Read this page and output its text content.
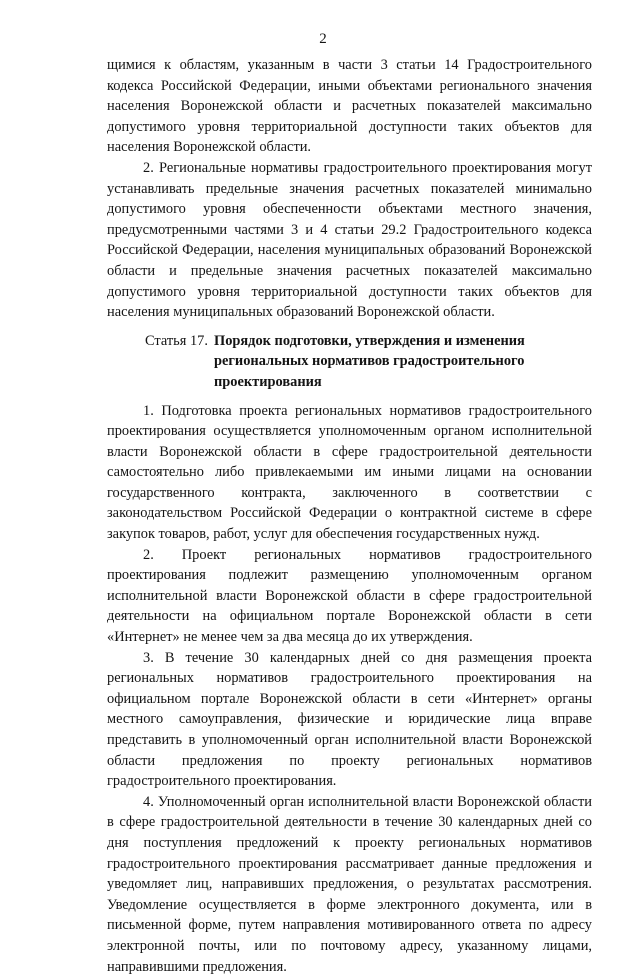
2

щимися к областям, указанным в части 3 статьи 14 Градостроительного кодекса Российской Федерации, иными объектами регионального значения населения Воронежской области и расчетных показателей максимально допустимого уровня территориальной доступности таких объектов для населения Воронежской области.

2. Региональные нормативы градостроительного проектирования могут устанавливать предельные значения расчетных показателей минимально допустимого уровня обеспеченности объектами местного значения, предусмотренными частями 3 и 4 статьи 29.2 Градостроительного кодекса Российской Федерации, населения муниципальных образований Воронежской области и предельные значения расчетных показателей максимально допустимого уровня территориальной доступности таких объектов для населения муниципальных образований Воронежской области.

Статья 17. Порядок подготовки, утверждения и изменения региональных нормативов градостроительного проектирования

1. Подготовка проекта региональных нормативов градостроительного проектирования осуществляется уполномоченным органом исполнительной власти Воронежской области в сфере градостроительной деятельности самостоятельно либо привлекаемыми им иными лицами на основании государственного контракта, заключенного в соответствии с законодательством Российской Федерации о контрактной системе в сфере закупок товаров, работ, услуг для обеспечения государственных нужд.

2. Проект региональных нормативов градостроительного проектирования подлежит размещению уполномоченным органом исполнительной власти Воронежской области в сфере градостроительной деятельности на официальном портале Воронежской области в сети «Интернет» не менее чем за два месяца до их утверждения.

3. В течение 30 календарных дней со дня размещения проекта региональных нормативов градостроительного проектирования на официальном портале Воронежской области в сети «Интернет» органы местного самоуправления, физические и юридические лица вправе представить в уполномоченный орган исполнительной власти Воронежской области предложения по проекту региональных нормативов градостроительного проектирования.

4. Уполномоченный орган исполнительной власти Воронежской области в сфере градостроительной деятельности в течение 30 календарных дней со дня поступления предложений к проекту региональных нормативов градостроительного проектирования рассматривает данные предложения и уведомляет лиц, направивших предложения, о результатах рассмотрения. Уведомление осуществляется в форме электронного документа, или в письменной форме, путем направления мотивированного ответа по адресу электронной почты, или по почтовому адресу, указанному лицами, направившими предложения.
